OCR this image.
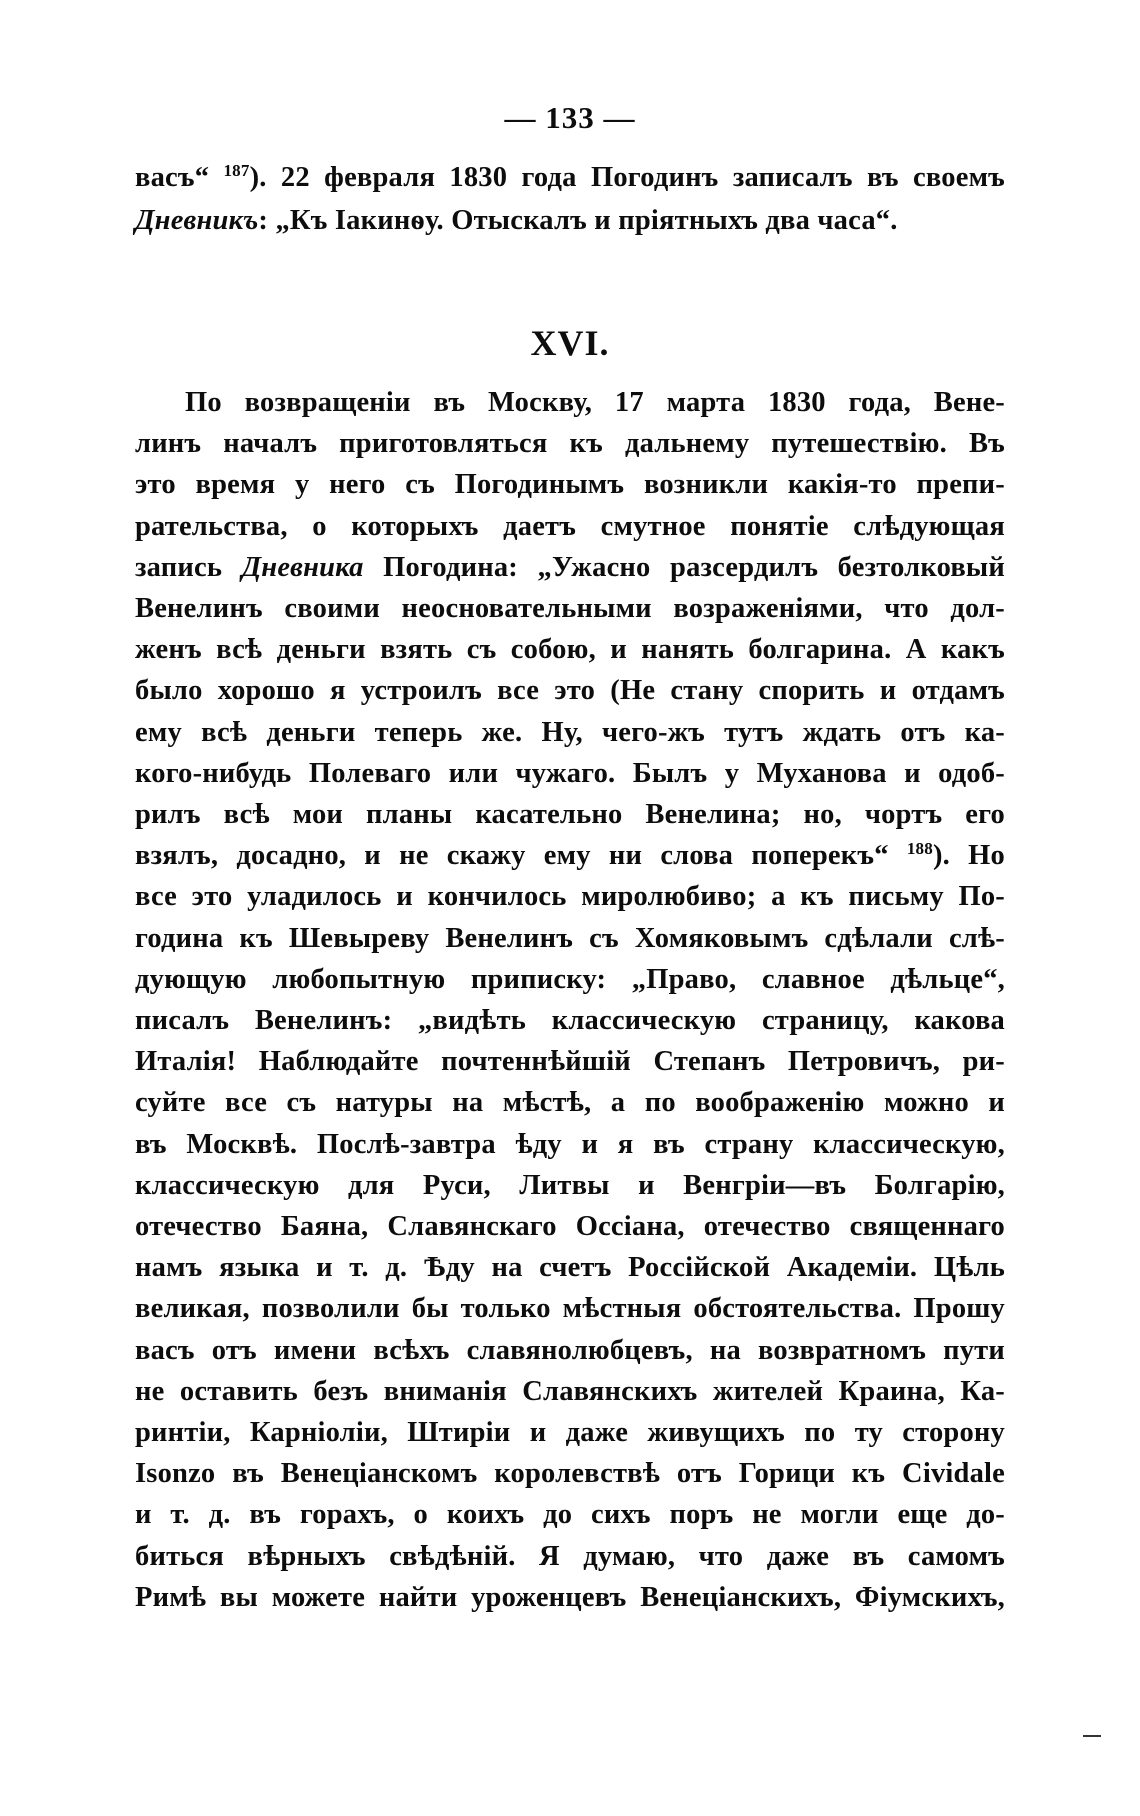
— 133 —
васъ“ $^{187}$). 22 февраля 1830 года Погодинъ записалъ въ своемъ
Дневникъ: „Къ Іакинѳу. Отыскалъ и пріятныхъ два часа“.
XVI.
По возвращеніи въ Москву, 17 марта 1830 года, Вене-
линъ началъ приготовляться къ дальнему путешествію. Въ
это время у него съ Погодинымъ возникли какія-то препи-
рательства, о которыхъ даетъ смутное понятіе слѣдующая
запись Дневника Погодина: „Ужасно разсердилъ безтолковый
Венелинъ своими неосновательными возраженіями, что дол-
женъ всѣ деньги взять съ собою, и нанять болгарина. А какъ
было хорошо я устроилъ все это (Не стану спорить и отдамъ
ему всѣ деньги теперь же. Ну, чего-жъ тутъ ждать отъ ка-
кого-нибудь Полеваго или чужаго. Былъ у Муханова и одоб-
рилъ всѣ мои планы касательно Венелина; но, чортъ его
взялъ, досадно, и не скажу ему ни слова поперекъ“ $^{188}$). Но
все это уладилось и кончилось миролюбиво; а къ письму По-
година къ Шевыреву Венелинъ съ Хомяковымъ сдѣлали слѣ-
дующую любопытную приписку: „Право, славное дѣльце“,
писалъ Венелинъ: „видѣть классическую страницу, какова
Италія! Наблюдайте почтеннѣйшій Степанъ Петровичъ, ри-
суйте все съ натуры на мѣстѣ, а по воображенію можно и
въ Москвѣ. Послѣ-завтра ѣду и я въ страну классическую,
классическую для Руси, Литвы и Венгріи—въ Болгарію,
отечество Баяна, Славянскаго Оссіана, отечество священнаго
намъ языка и т. д. Ѣду на счетъ Россійской Академіи. Цѣль
великая, позволили бы только мѣстныя обстоятельства. Прошу
васъ отъ имени всѣхъ славянолюбцевъ, на возвратномъ пути
не оставить безъ вниманія Славянскихъ жителей Краина, Ка-
ринтіи, Карніоліи, Штиріи и даже живущихъ по ту сторону
Isonzo въ Венеціанскомъ королевствѣ отъ Горици къ Cividale
и т. д. въ горахъ, о коихъ до сихъ поръ не могли еще до-
биться вѣрныхъ свѣдѣній. Я думаю, что даже въ самомъ
Римѣ вы можете найти уроженцевъ Венеціанскихъ, Фіумскихъ,
